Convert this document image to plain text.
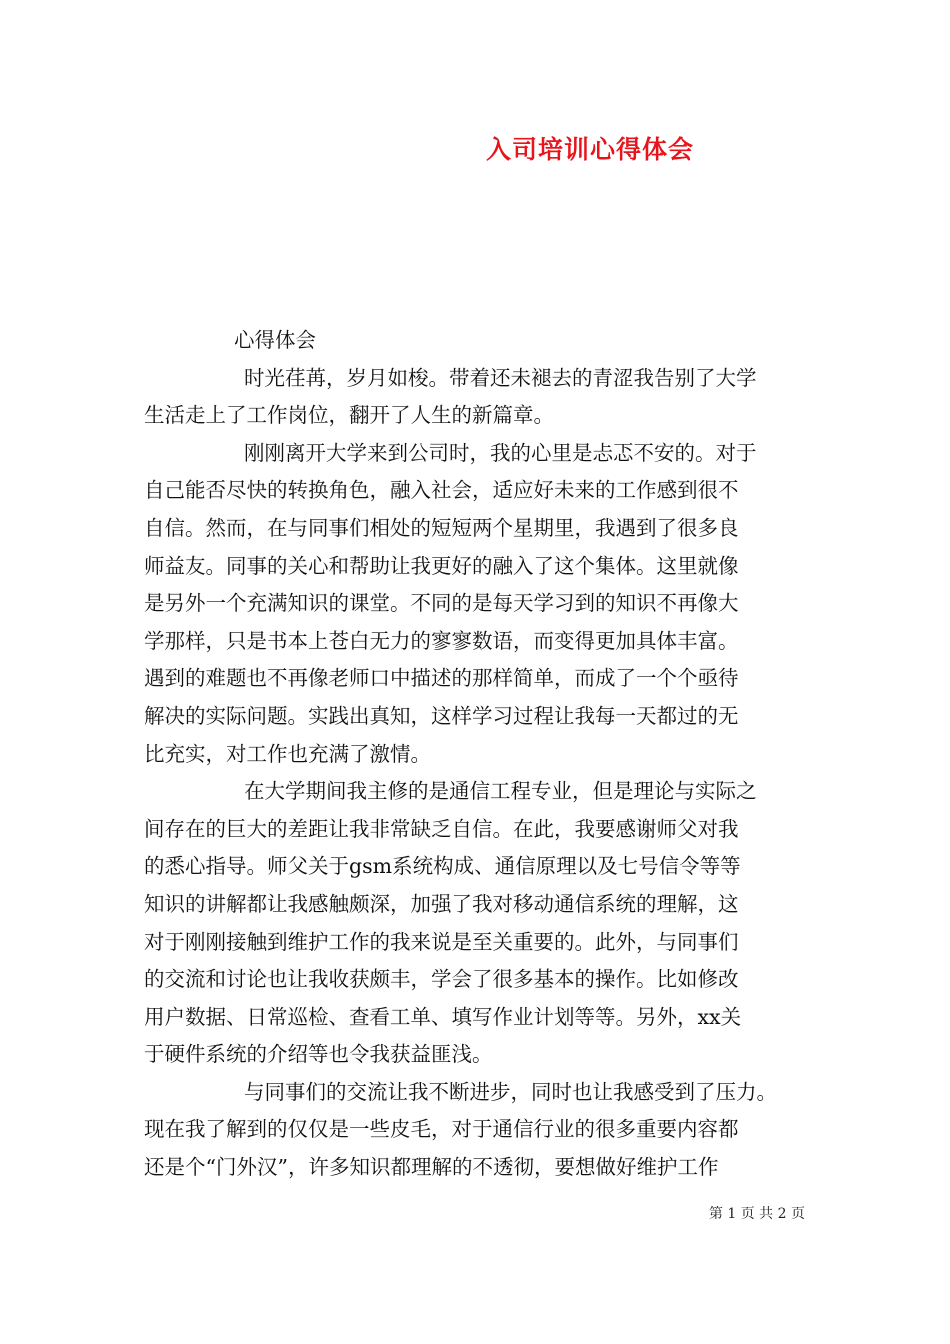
入司培训心得体会
心得体会
时光荏苒，岁月如梭。带着还未褪去的青涩我告别了大学
生活走上了工作岗位，翻开了人生的新篇章。
刚刚离开大学来到公司时，我的心里是忐忑不安的。对于
自己能否尽快的转换角色，融入社会，适应好未来的工作感到很不
自信。然而，在与同事们相处的短短两个星期里，我遇到了很多良
师益友。同事的关心和帮助让我更好的融入了这个集体。这里就像
是另外一个充满知识的课堂。不同的是每天学习到的知识不再像大
学那样，只是书本上苍白无力的寥寥数语，而变得更加具体丰富。
遇到的难题也不再像老师口中描述的那样简单，而成了一个个亟待
解决的实际问题。实践出真知，这样学习过程让我每一天都过的无
比充实，对工作也充满了激情。
在大学期间我主修的是通信工程专业，但是理论与实际之
间存在的巨大的差距让我非常缺乏自信。在此，我要感谢师父对我
的悉心指导。师父关于gsm系统构成、通信原理以及七号信令等等
知识的讲解都让我感触颇深，加强了我对移动通信系统的理解，这
对于刚刚接触到维护工作的我来说是至关重要的。此外，与同事们
的交流和讨论也让我收获颇丰，学会了很多基本的操作。比如修改
用户数据、日常巡检、查看工单、填写作业计划等等。另外，xx关
于硬件系统的介绍等也令我获益匪浅。
与同事们的交流让我不断进步，同时也让我感受到了压力。
现在我了解到的仅仅是一些皮毛，对于通信行业的很多重要内容都
还是个“门外汉”，许多知识都理解的不透彻，要想做好维护工作
第 1 页 共 2 页
